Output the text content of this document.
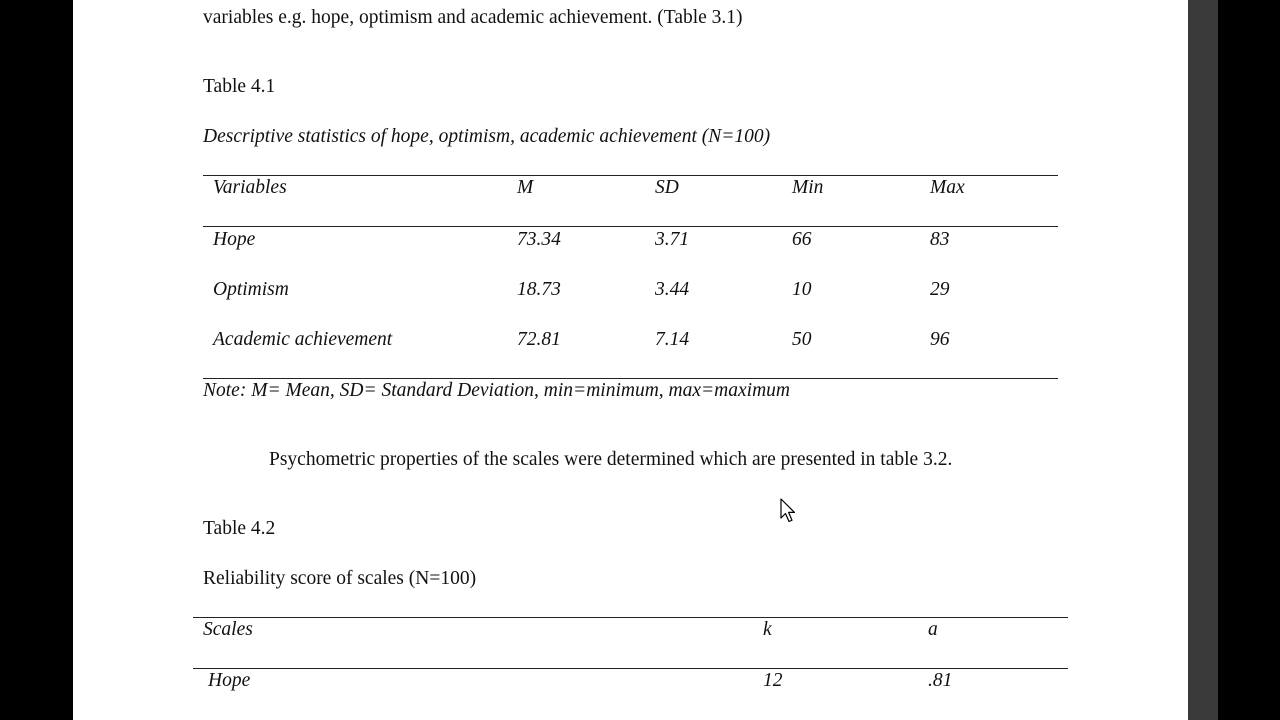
variables e.g. hope, optimism and academic achievement. (Table 3.1)
Table 4.1
Descriptive statistics of hope, optimism, academic achievement (N=100)
Variables	M	SD	Min	Max
Hope	73.34	3.71	66	83
Optimism	18.73	3.44	10	29
Academic achievement	72.81	7.14	50	96
Note: M= Mean, SD= Standard Deviation, min=minimum, max=maximum
Psychometric properties of the scales were determined which are presented in table 3.2.
Table 4.2
Reliability score of scales (N=100)
Scales	k	a
Hope	12	.81
